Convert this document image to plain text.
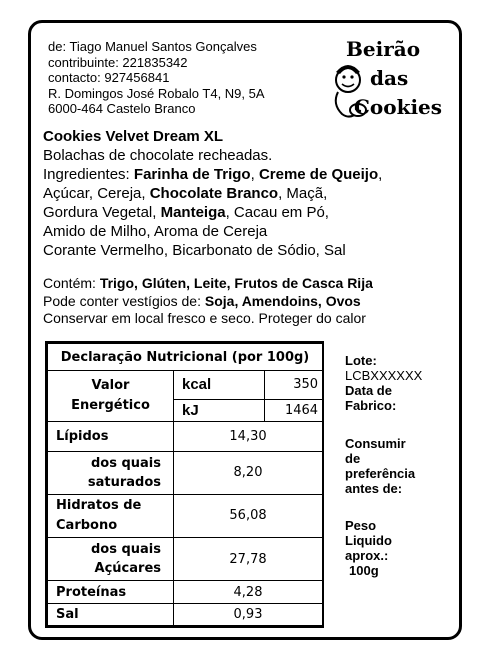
de: Tiago Manuel Santos Gonçalves
contribuinte: 221835342
contacto: 927456841
R. Domingos José Robalo T4, N9, 5A
6000-464 Castelo Branco
Beirão
das
Cookies
Cookies Velvet Dream XL
Bolachas de chocolate recheadas.
Ingredientes: Farinha de Trigo, Creme de Queijo,
Açúcar, Cereja, Chocolate Branco, Maçã,
Gordura Vegetal, Manteiga, Cacau em Pó,
Amido de Milho, Aroma de Cereja
Corante Vermelho, Bicarbonato de Sódio, Sal
Contém: Trigo, Glúten, Leite, Frutos de Casca Rija
Pode conter vestígios de: Soja, Amendoins, Ovos
Conservar em local fresco e seco. Proteger do calor
Declaração Nutricional (por 100g)		

Valor
Energético	kcal	350
	kJ	1464
Lípidos	14,30	

dos quais
saturados	8,20	

Hidratos de
Carbono	56,08	

dos quais
Açúcares	27,78	
Proteínas	4,28	
Sal	0,93	
Lote:
LCBXXXXXX
Data de
Fabrico:
Consumir
de
preferência
antes de:
Peso
Liquido
aprox.:
100g
